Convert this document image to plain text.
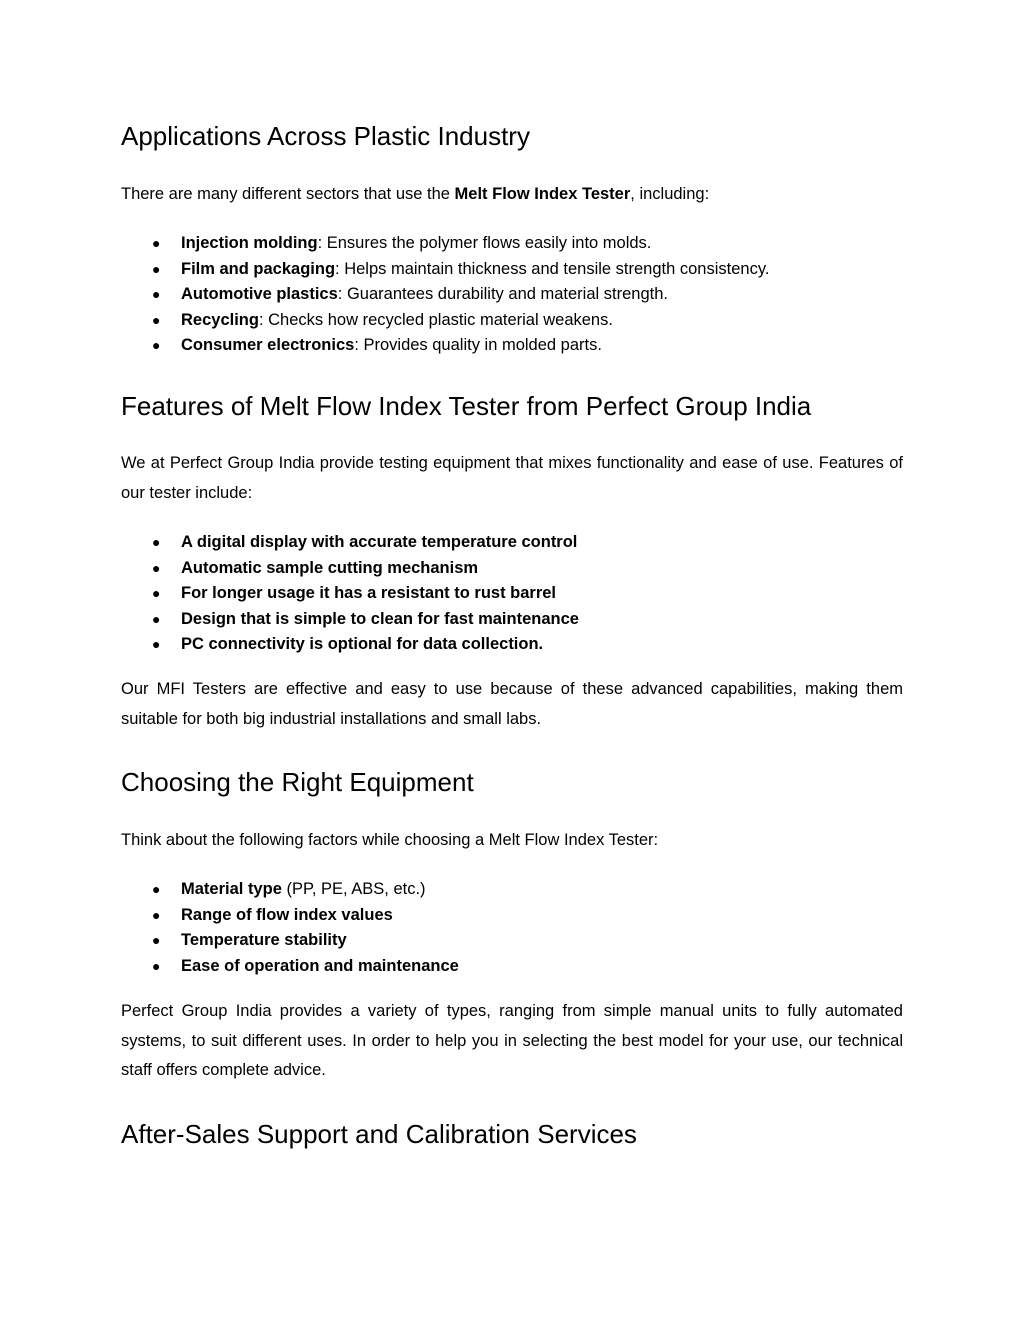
Applications Across Plastic Industry

There are many different sectors that use the Melt Flow Index Tester, including:

● Injection molding: Ensures the polymer flows easily into molds.
● Film and packaging: Helps maintain thickness and tensile strength consistency.
● Automotive plastics: Guarantees durability and material strength.
● Recycling: Checks how recycled plastic material weakens.
● Consumer electronics: Provides quality in molded parts.
Features of Melt Flow Index Tester from Perfect Group India

We at Perfect Group India provide testing equipment that mixes functionality and ease of use. Features of our tester include:

● A digital display with accurate temperature control
● Automatic sample cutting mechanism
● For longer usage it has a resistant to rust barrel
● Design that is simple to clean for fast maintenance
● PC connectivity is optional for data collection.

Our MFI Testers are effective and easy to use because of these advanced capabilities, making them suitable for both big industrial installations and small labs.

Choosing the Right Equipment

Think about the following factors while choosing a Melt Flow Index Tester:

● Material type (PP, PE, ABS, etc.)
● Range of flow index values
● Temperature stability
● Ease of operation and maintenance

Perfect Group India provides a variety of types, ranging from simple manual units to fully automated systems, to suit different uses. In order to help you in selecting the best model for your use, our technical staff offers complete advice.

After-Sales Support and Calibration Services
